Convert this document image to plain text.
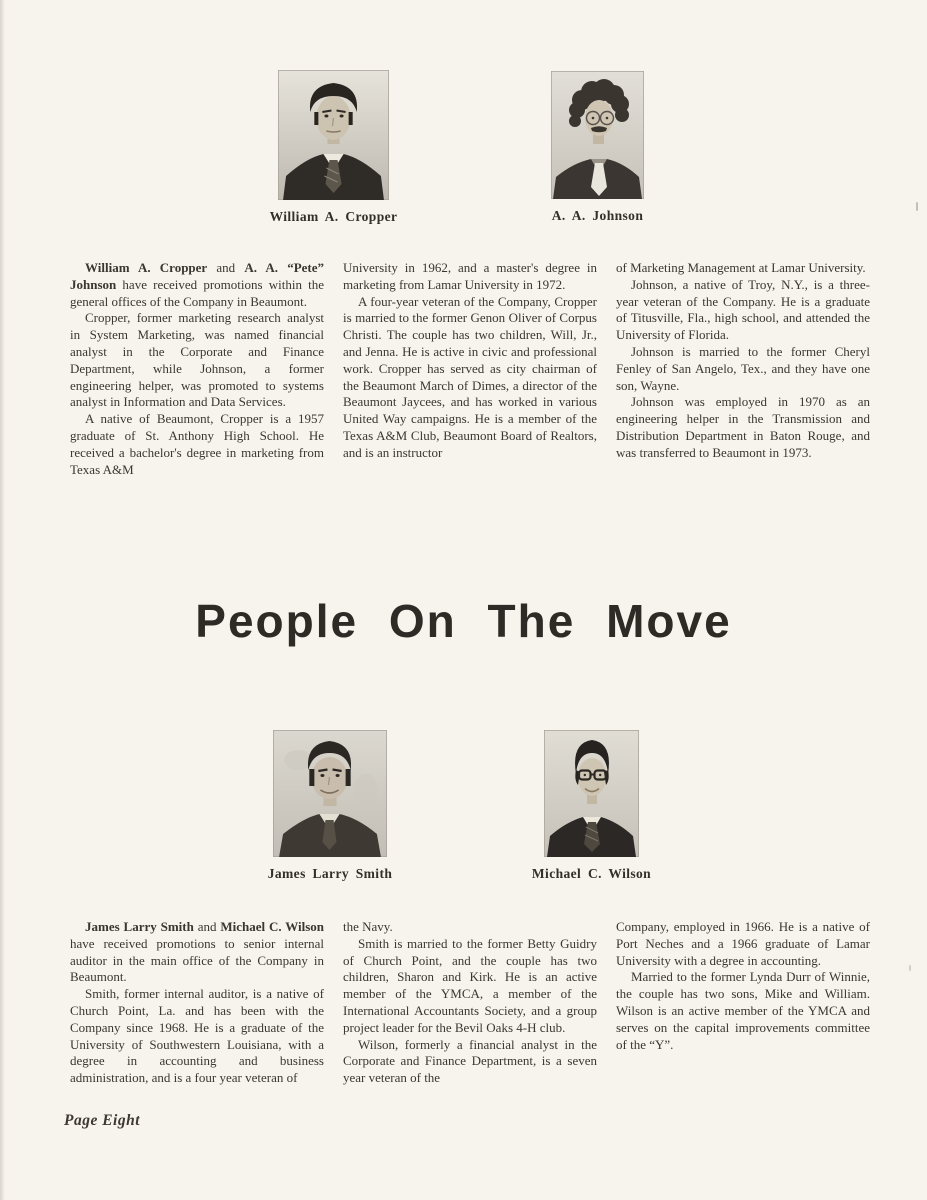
William A. Cropper	A. A. Johnson

William A. Cropper and A. A. “Pete” Johnson have received promotions within the general offices of the Company in Beaumont.

Cropper, former marketing research analyst in System Marketing, was named financial analyst in the Corporate and Finance Department, while Johnson, a former engineering helper, was promoted to systems analyst in Information and Data Services.

A native of Beaumont, Cropper is a 1957 graduate of St. Anthony High School. He received a bachelor's degree in marketing from Texas A&M

University in 1962, and a master's degree in marketing from Lamar University in 1972.

A four-year veteran of the Company, Cropper is married to the former Genon Oliver of Corpus Christi. The couple has two children, Will, Jr., and Jenna. He is active in civic and professional work. Cropper has served as city chairman of the Beaumont March of Dimes, a director of the Beaumont Jaycees, and has worked in various United Way campaigns. He is a member of the Texas A&M Club, Beaumont Board of Realtors, and is an instructor

of Marketing Management at Lamar University.

Johnson, a native of Troy, N.Y., is a three-year veteran of the Company. He is a graduate of Titusville, Fla., high school, and attended the University of Florida.

Johnson is married to the former Cheryl Fenley of San Angelo, Tex., and they have one son, Wayne.

Johnson was employed in 1970 as an engineering helper in the Transmission and Distribution Department in Baton Rouge, and was transferred to Beaumont in 1973.

People On The Move
James Larry Smith	Michael C. Wilson

James Larry Smith and Michael C. Wilson have received promotions to senior internal auditor in the main office of the Company in Beaumont.

Smith, former internal auditor, is a native of Church Point, La. and has been with the Company since 1968. He is a graduate of the University of Southwestern Louisiana, with a degree in accounting and business administration, and is a four year veteran of

the Navy.

Smith is married to the former Betty Guidry of Church Point, and the couple has two children, Sharon and Kirk. He is an active member of the YMCA, a member of the International Accountants Society, and a group project leader for the Bevil Oaks 4-H club.

Wilson, formerly a financial analyst in the Corporate and Finance Department, is a seven year veteran of the

Company, employed in 1966. He is a native of Port Neches and a 1966 graduate of Lamar University with a degree in accounting.

Married to the former Lynda Durr of Winnie, the couple has two sons, Mike and William. Wilson is an active member of the YMCA and serves on the capital improvements committee of the “Y”.

Page Eight
